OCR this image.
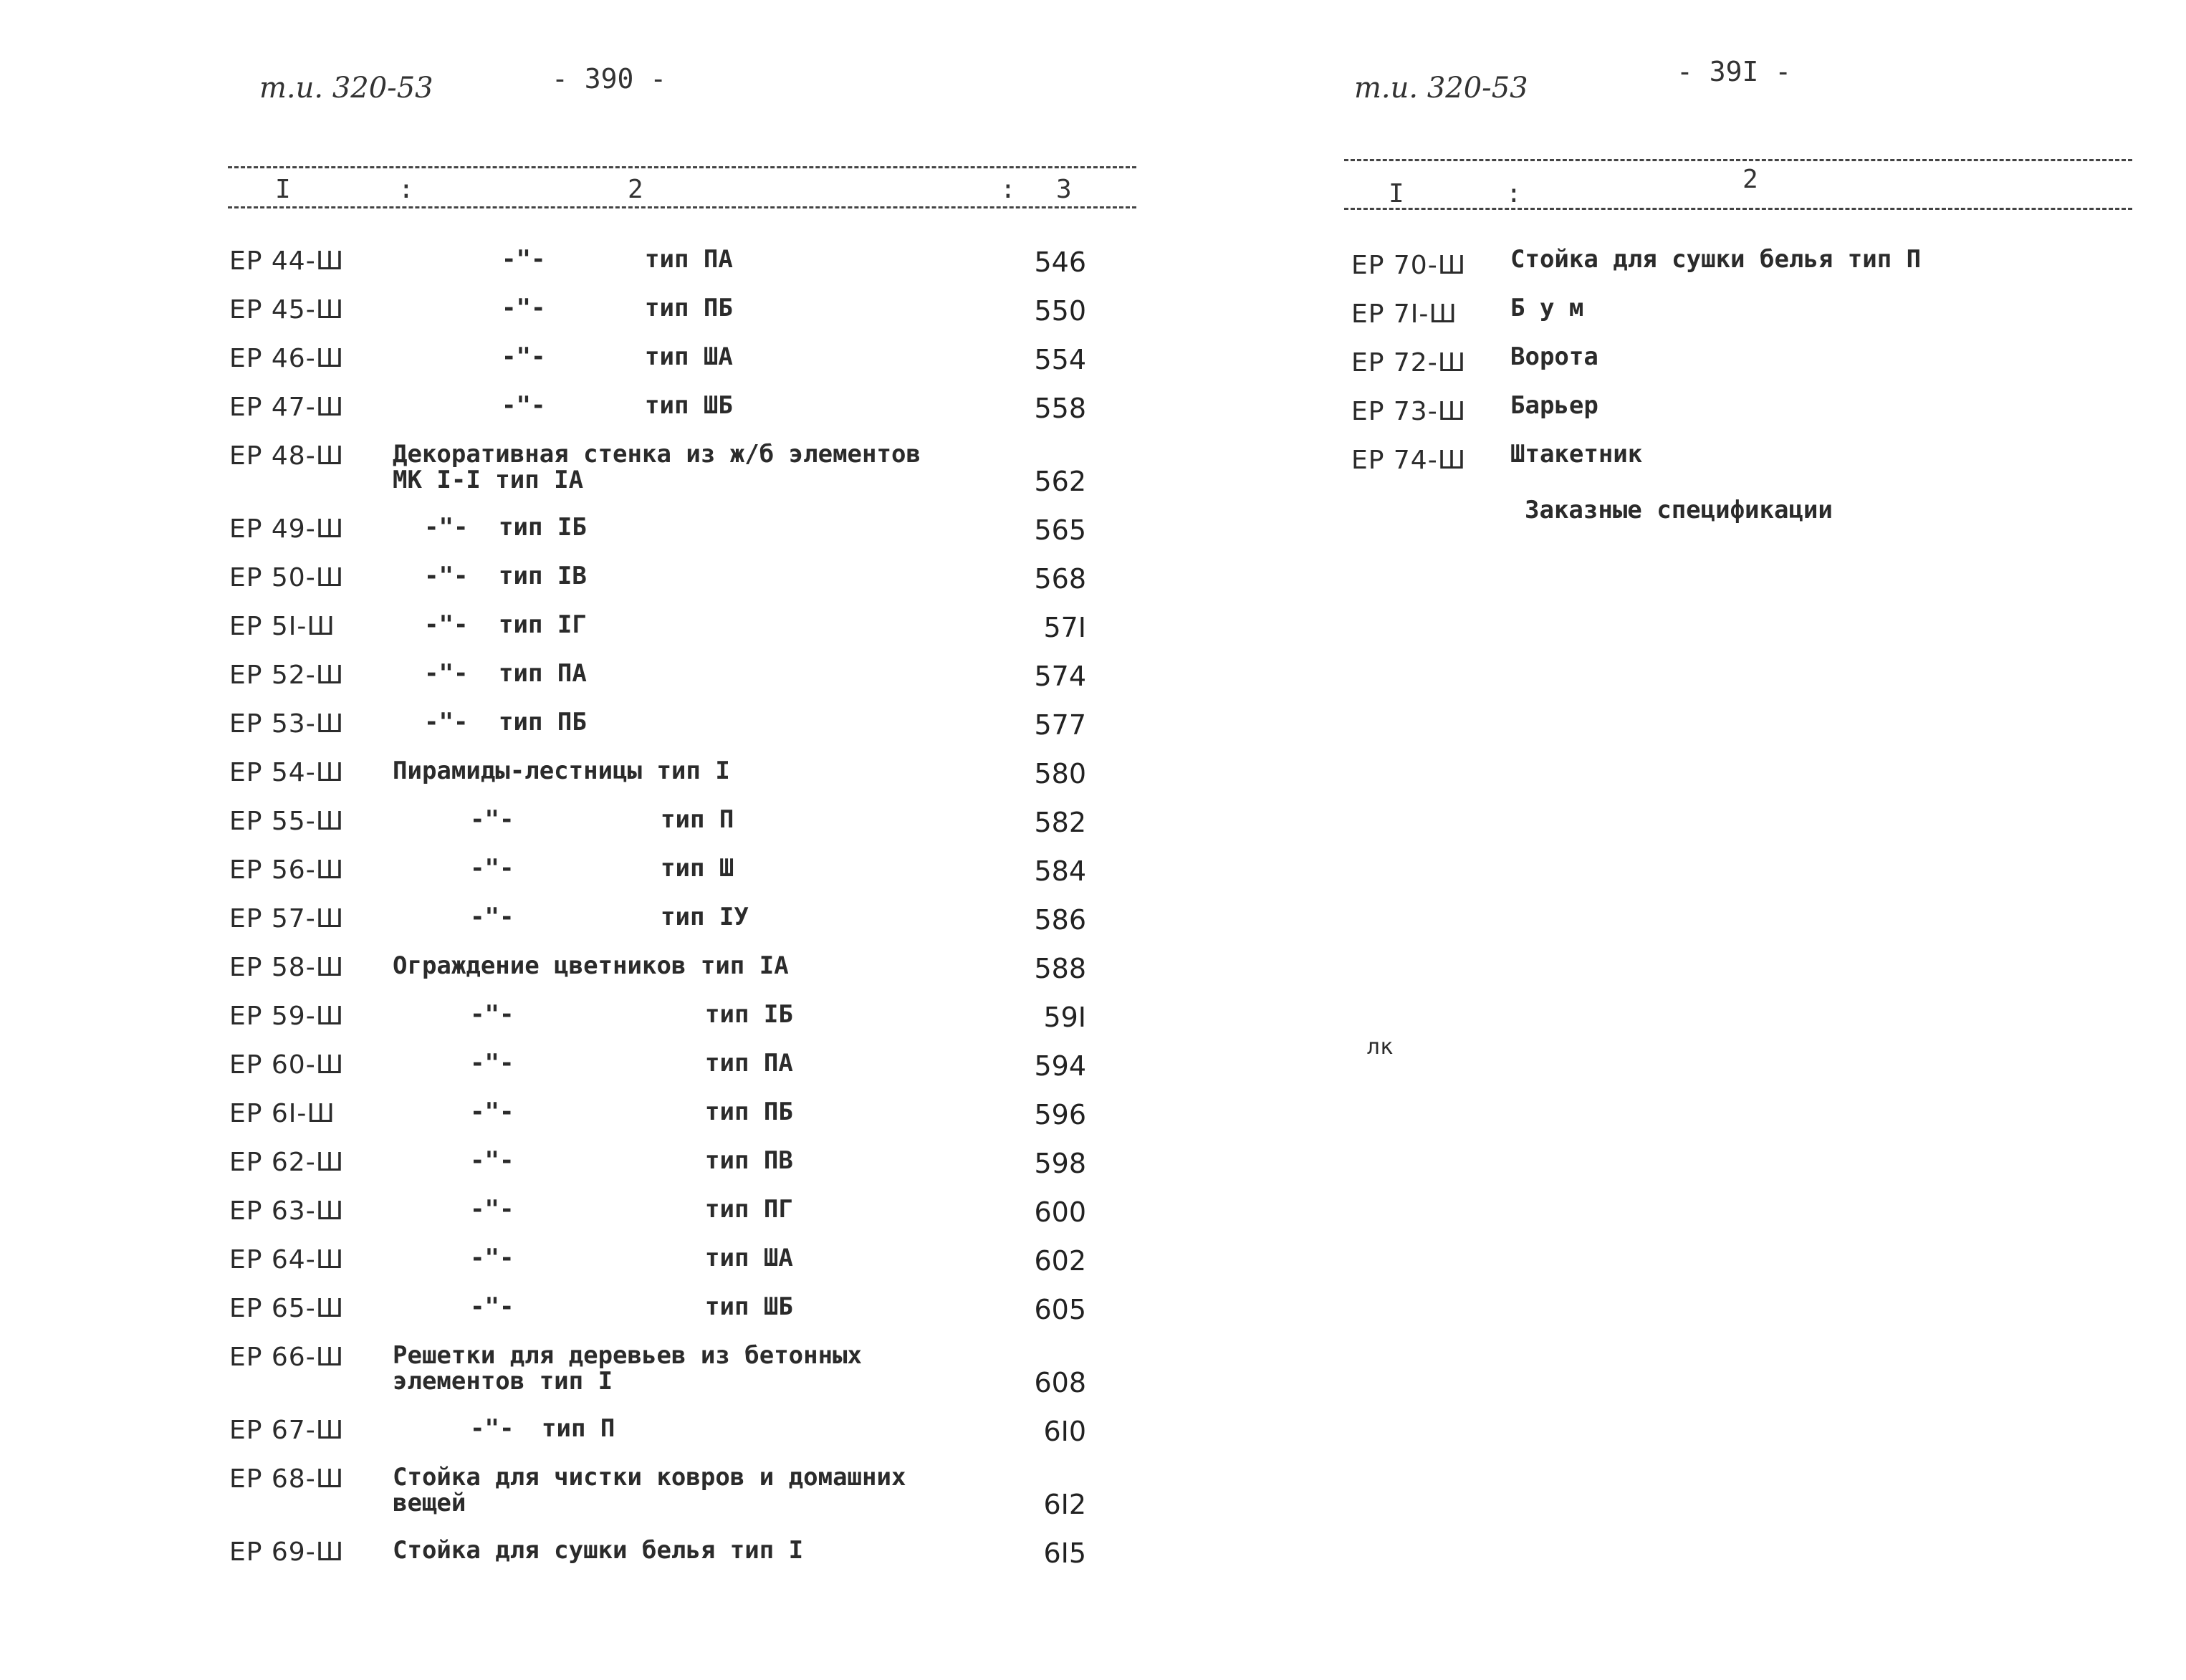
т.и. 320-53	- 390 -
I	:	2	: 3
ЕР 44-Ш	-"-	тип ПА	546
ЕР 45-Ш	-"-	тип ПБ	550
ЕР 46-Ш	-"-	тип ША	554
ЕР 47-Ш	-"-	тип ШБ	558
ЕР 48-Ш Декоративная стенка из ж/б элементов
МК I-I тип IА	562
ЕР 49-Ш	-"- тип IБ	565
ЕР 50-Ш	-"- тип IВ	568
ЕР 5I-Ш	-"- тип IГ	57I
ЕР 52-Ш	-"- тип ПА	574
ЕР 53-Ш	-"- тип ПБ	577
ЕР 54-Ш Пирамиды-лестницы тип I	580
ЕР 55-Ш	-"-	тип П	582
ЕР 56-Ш	-"-	тип Ш	584
ЕР 57-Ш	-"-	тип IУ	586
ЕР 58-Ш Ограждение цветников тип IА	588
ЕР 59-Ш	-"-	тип IБ	59I
ЕР 60-Ш	-"-	тип ПА	594
ЕР 6I-Ш	-"-	тип ПБ	596
ЕР 62-Ш	-"-	тип ПВ	598
ЕР 63-Ш	-"-	тип ПГ	600
ЕР 64-Ш	-"-	тип ША	602
ЕР 65-Ш	-"-	тип ШБ	605
ЕР 66-Ш Решетки для деревьев из бетонных
элементов тип I	608
ЕР 67-Ш	-"- тип П	6I0
ЕР 68-Ш Стойка для чистки ковров и домашних
вещей	6I2
ЕР 69-Ш Стойка для сушки белья тип I	6I5
т.и. 320-53	- 39I -
I	:	2
ЕР 70-Ш Стойка для сушки белья тип П
ЕР 7I-Ш Б у м
ЕР 72-Ш Ворота
ЕР 73-Ш Барьер
ЕР 74-Ш Штакетник
Заказные спецификации
лк
